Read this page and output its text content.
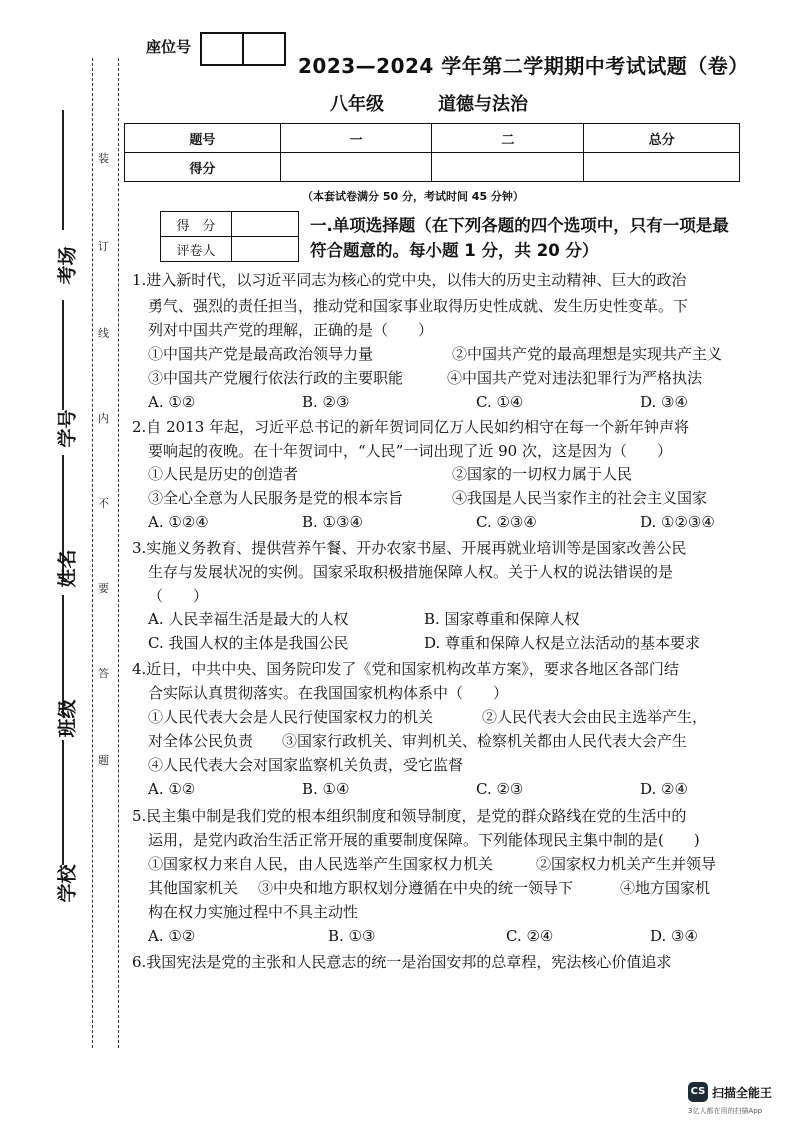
装
订
线
内
不
要
答
题
考场
学号
姓名
班级
学校
座位号
2023—2024 学年第二学期期中考试试题（卷）
八年级	道德与法治
题号	一	二	总分
得分			
（本套试卷满分 50 分，考试时间 45 分钟）
得　分	
评卷人	
一.单项选择题（在下列各题的四个选项中，只有一项是最
符合题意的。每小题 1 分，共 20 分）
1.进入新时代，以习近平同志为核心的党中央，以伟大的历史主动精神、巨大的政治
勇气、强烈的责任担当，推动党和国家事业取得历史性成就、发生历史性变革。下
列对中国共产党的理解，正确的是（　　）
①中国共产党是最高政治领导力量	②中国共产党的最高理想是实现共产主义
③中国共产党履行依法行政的主要职能	④中国共产党对违法犯罪行为严格执法
A. ①②	B. ②③	C. ①④	D. ③④
2.自 2013 年起，习近平总书记的新年贺词同亿万人民如约相守在每一个新年钟声将
要响起的夜晚。在十年贺词中，“人民”一词出现了近 90 次，这是因为（　　）
①人民是历史的创造者	②国家的一切权力属于人民
③全心全意为人民服务是党的根本宗旨	④我国是人民当家作主的社会主义国家
A. ①②④	B. ①③④	C. ②③④	D. ①②③④
3.实施义务教育、提供营养午餐、开办农家书屋、开展再就业培训等是国家改善公民
生存与发展状况的实例。国家采取积极措施保障人权。关于人权的说法错误的是
（　　）
A. 人民幸福生活是最大的人权	B. 国家尊重和保障人权
C. 我国人权的主体是我国公民	D. 尊重和保障人权是立法活动的基本要求
4.近日，中共中央、国务院印发了《党和国家机构改革方案》，要求各地区各部门结
合实际认真贯彻落实。在我国国家机构体系中（　　）
①人民代表大会是人民行使国家权力的机关	②人民代表大会由民主选举产生，
对全体公民负责 ③国家行政机关、审判机关、检察机关都由人民代表大会产生
④人民代表大会对国家监察机关负责，受它监督
A. ①②	B. ①④	C. ②③	D. ②④
5.民主集中制是我们党的根本组织制度和领导制度，是党的群众路线在党的生活中的
运用，是党内政治生活正常开展的重要制度保障。下列能体现民主集中制的是(　　)
①国家权力来自人民，由人民选举产生国家权力机关	②国家权力机关产生并领导
其他国家机关 ③中央和地方职权划分遵循在中央的统一领导下	④地方国家机
构在权力实施过程中不具主动性
A. ①②	B. ①③	C. ②④	D. ③④
6.我国宪法是党的主张和人民意志的统一是治国安邦的总章程，宪法核心价值追求
CS 扫描全能王
3亿人都在用的扫描App
